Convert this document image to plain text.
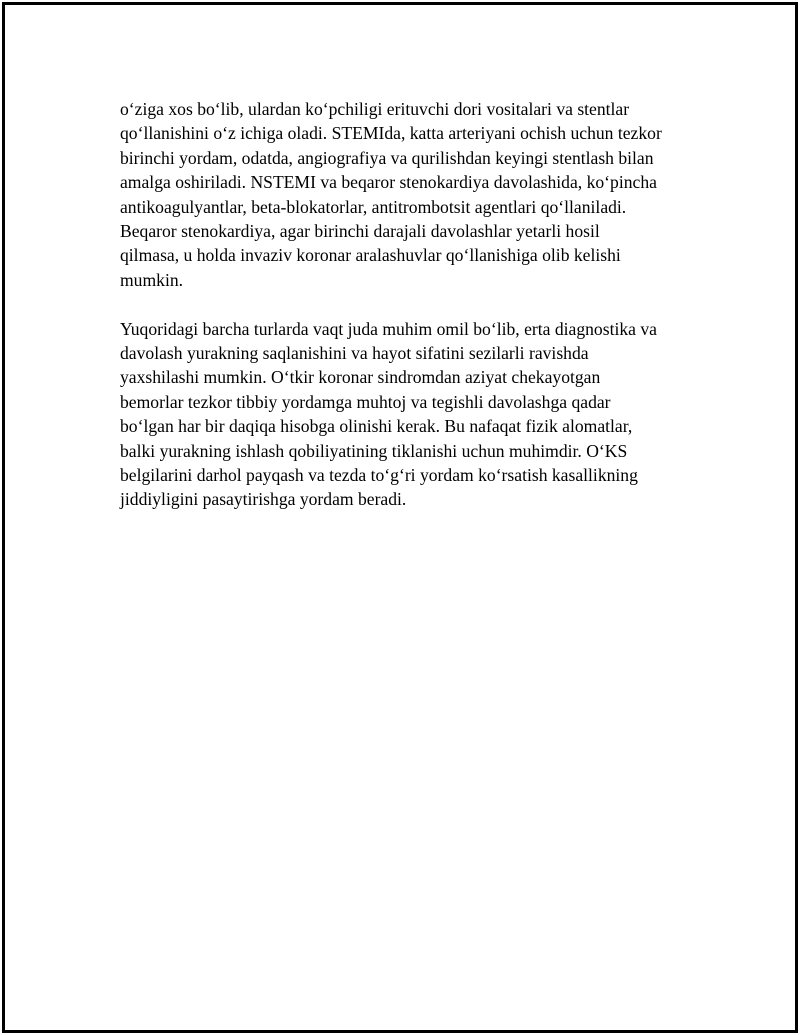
o‘ziga xos bo‘lib, ulardan ko‘pchiligi erituvchi dori vositalari va stentlar
qo‘llanishini o‘z ichiga oladi. STEMIda, katta arteriyani ochish uchun tezkor
birinchi yordam, odatda, angiografiya va qurilishdan keyingi stentlash bilan
amalga oshiriladi. NSTEMI va beqaror stenokardiya davolashida, ko‘pincha
antikoagulyantlar, beta-blokatorlar, antitrombotsit agentlari qo‘llaniladi.
Beqaror stenokardiya, agar birinchi darajali davolashlar yetarli hosil
qilmasa, u holda invaziv koronar aralashuvlar qo‘llanishiga olib kelishi
mumkin.

Yuqoridagi barcha turlarda vaqt juda muhim omil bo‘lib, erta diagnostika va
davolash yurakning saqlanishini va hayot sifatini sezilarli ravishda
yaxshilashi mumkin. O‘tkir koronar sindromdan aziyat chekayotgan
bemorlar tezkor tibbiy yordamga muhtoj va tegishli davolashga qadar
bo‘lgan har bir daqiqa hisobga olinishi kerak. Bu nafaqat fizik alomatlar,
balki yurakning ishlash qobiliyatining tiklanishi uchun muhimdir. O‘KS
belgilarini darhol payqash va tezda to‘g‘ri yordam ko‘rsatish kasallikning
jiddiyligini pasaytirishga yordam beradi.
